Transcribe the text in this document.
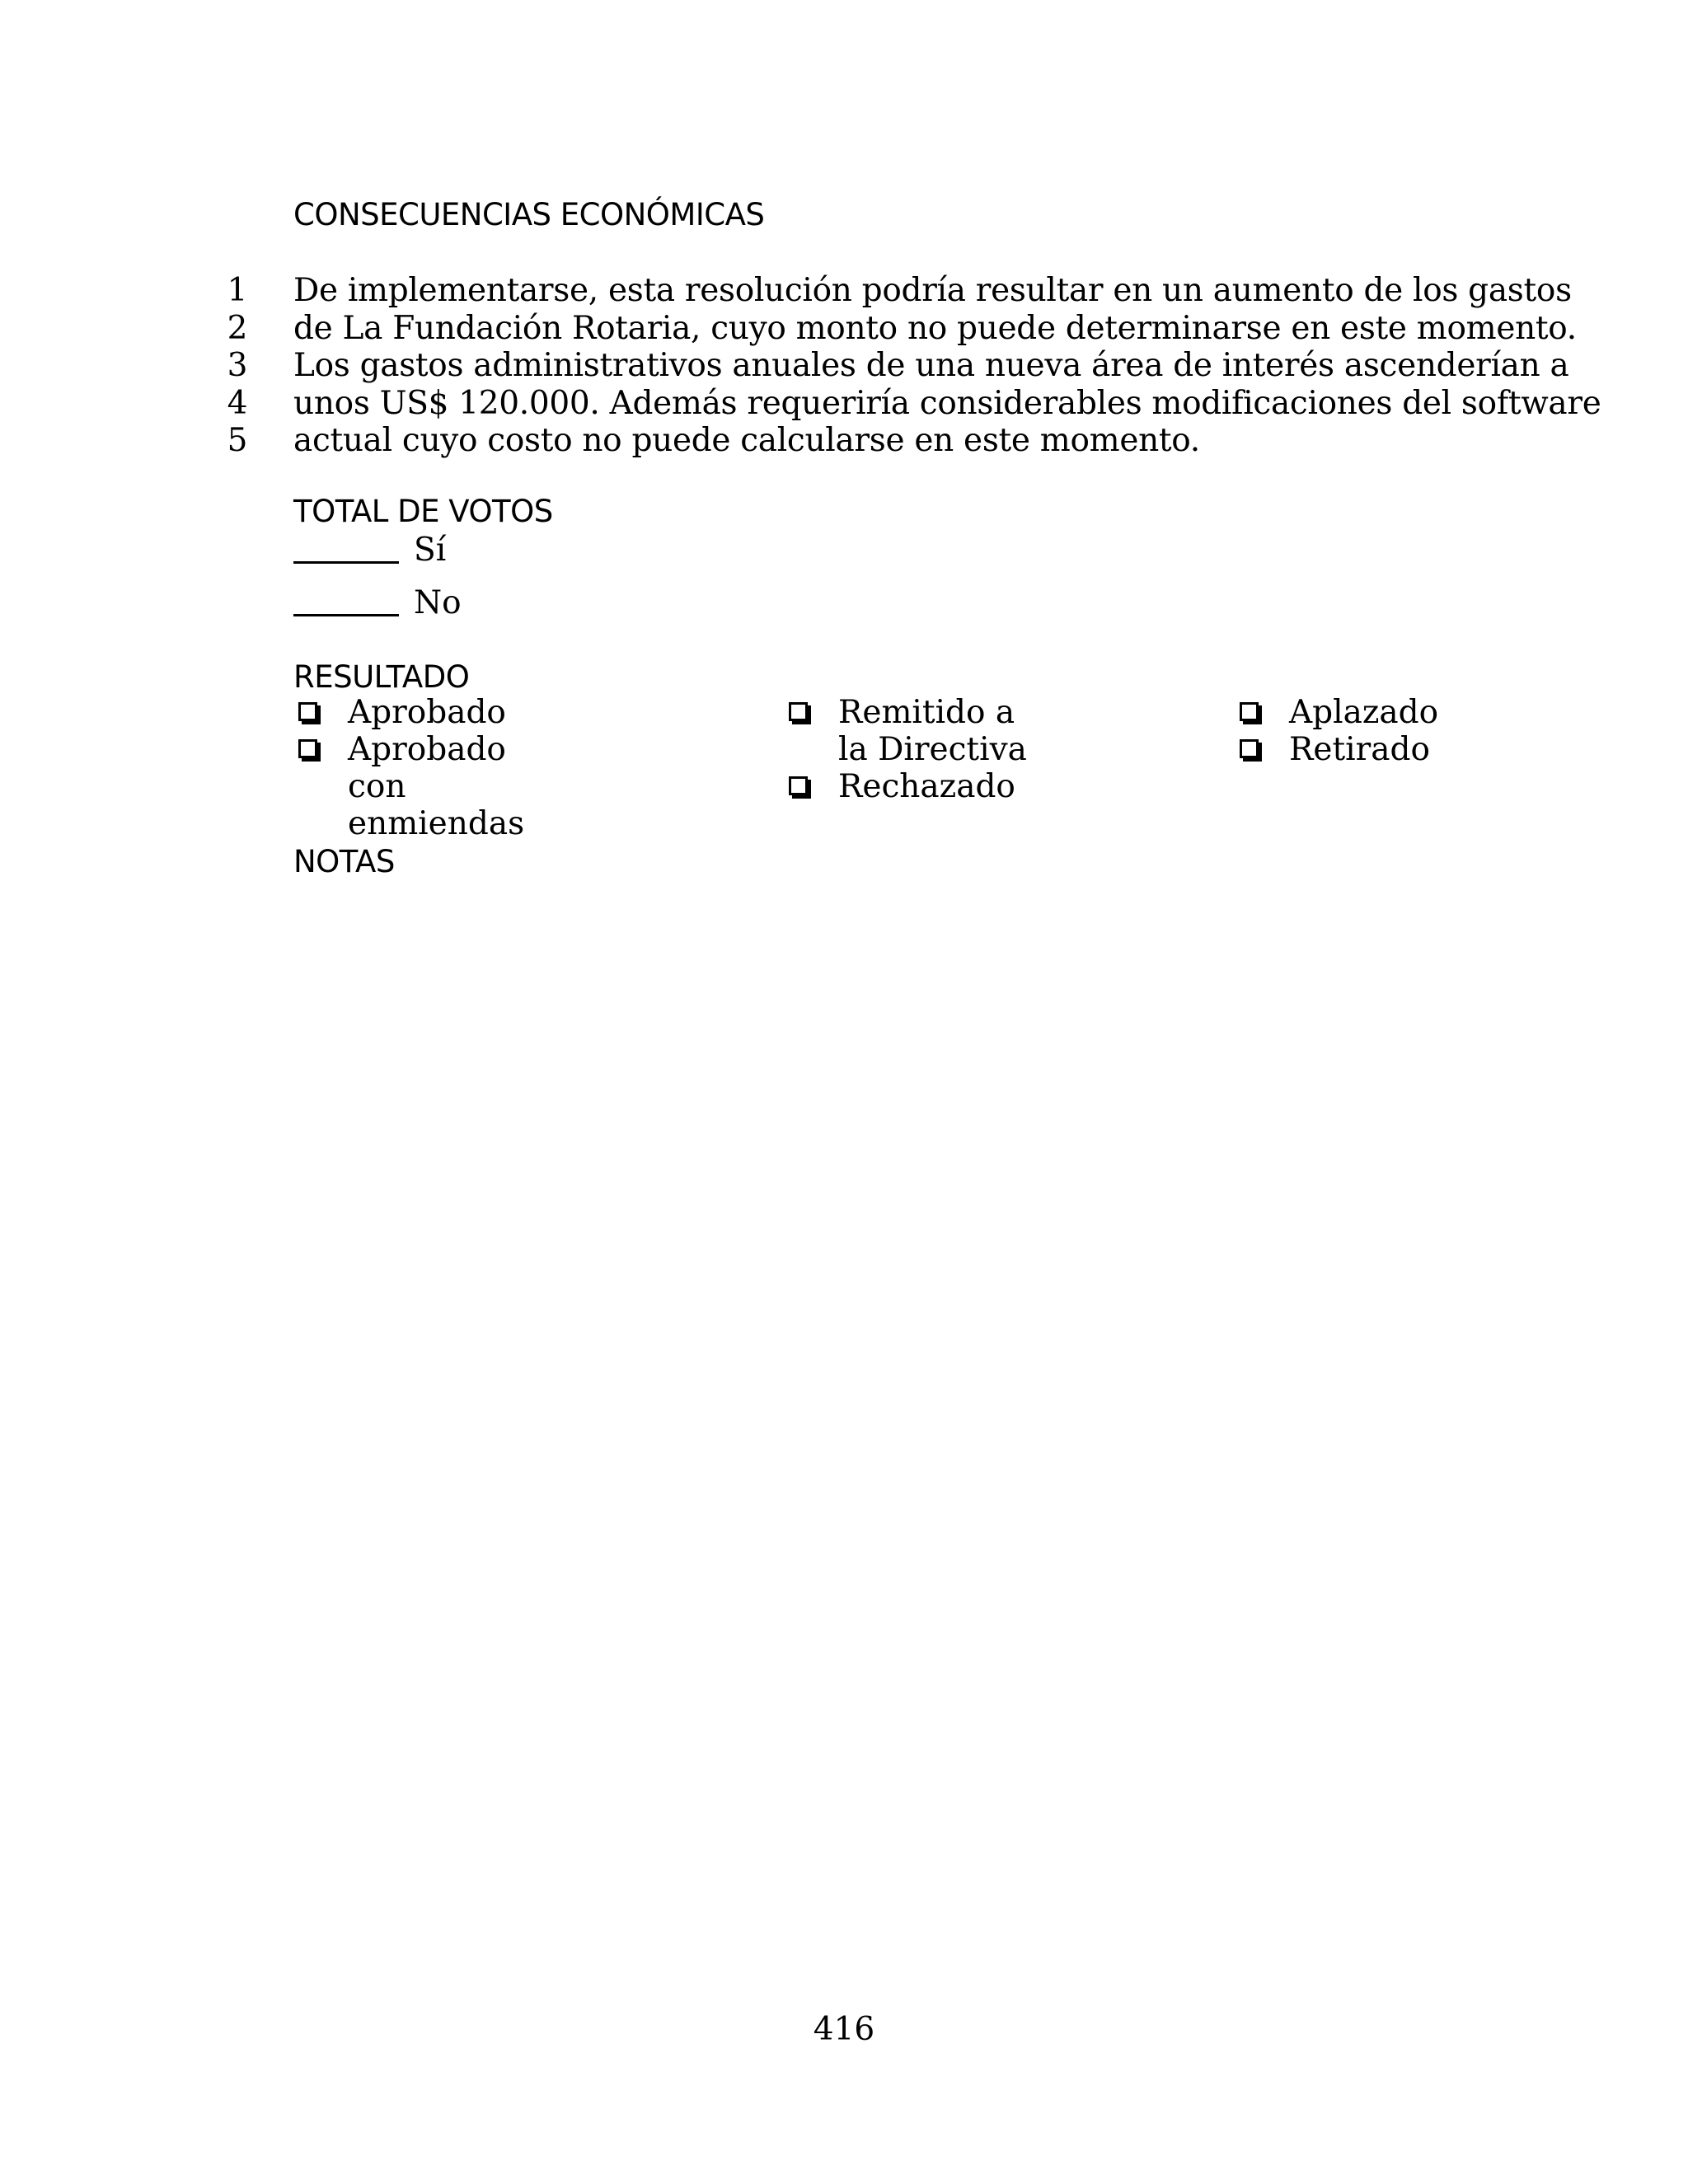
CONSECUENCIAS ECONÓMICAS
1 De implementarse, esta resolución podría resultar en un aumento de los gastos
2 de La Fundación Rotaria, cuyo monto no puede determinarse en este momento.
3 Los gastos administrativos anuales de una nueva área de interés ascenderían a
4 unos US$ 120.000. Además requeriría considerables modificaciones del software
5 actual cuyo costo no puede calcularse en este momento.
TOTAL DE VOTOS
Sí
No
RESULTADO
Aprobado
Aprobado con enmiendas
Remitido a la Directiva
Rechazado
Aplazado
Retirado
NOTAS
416
